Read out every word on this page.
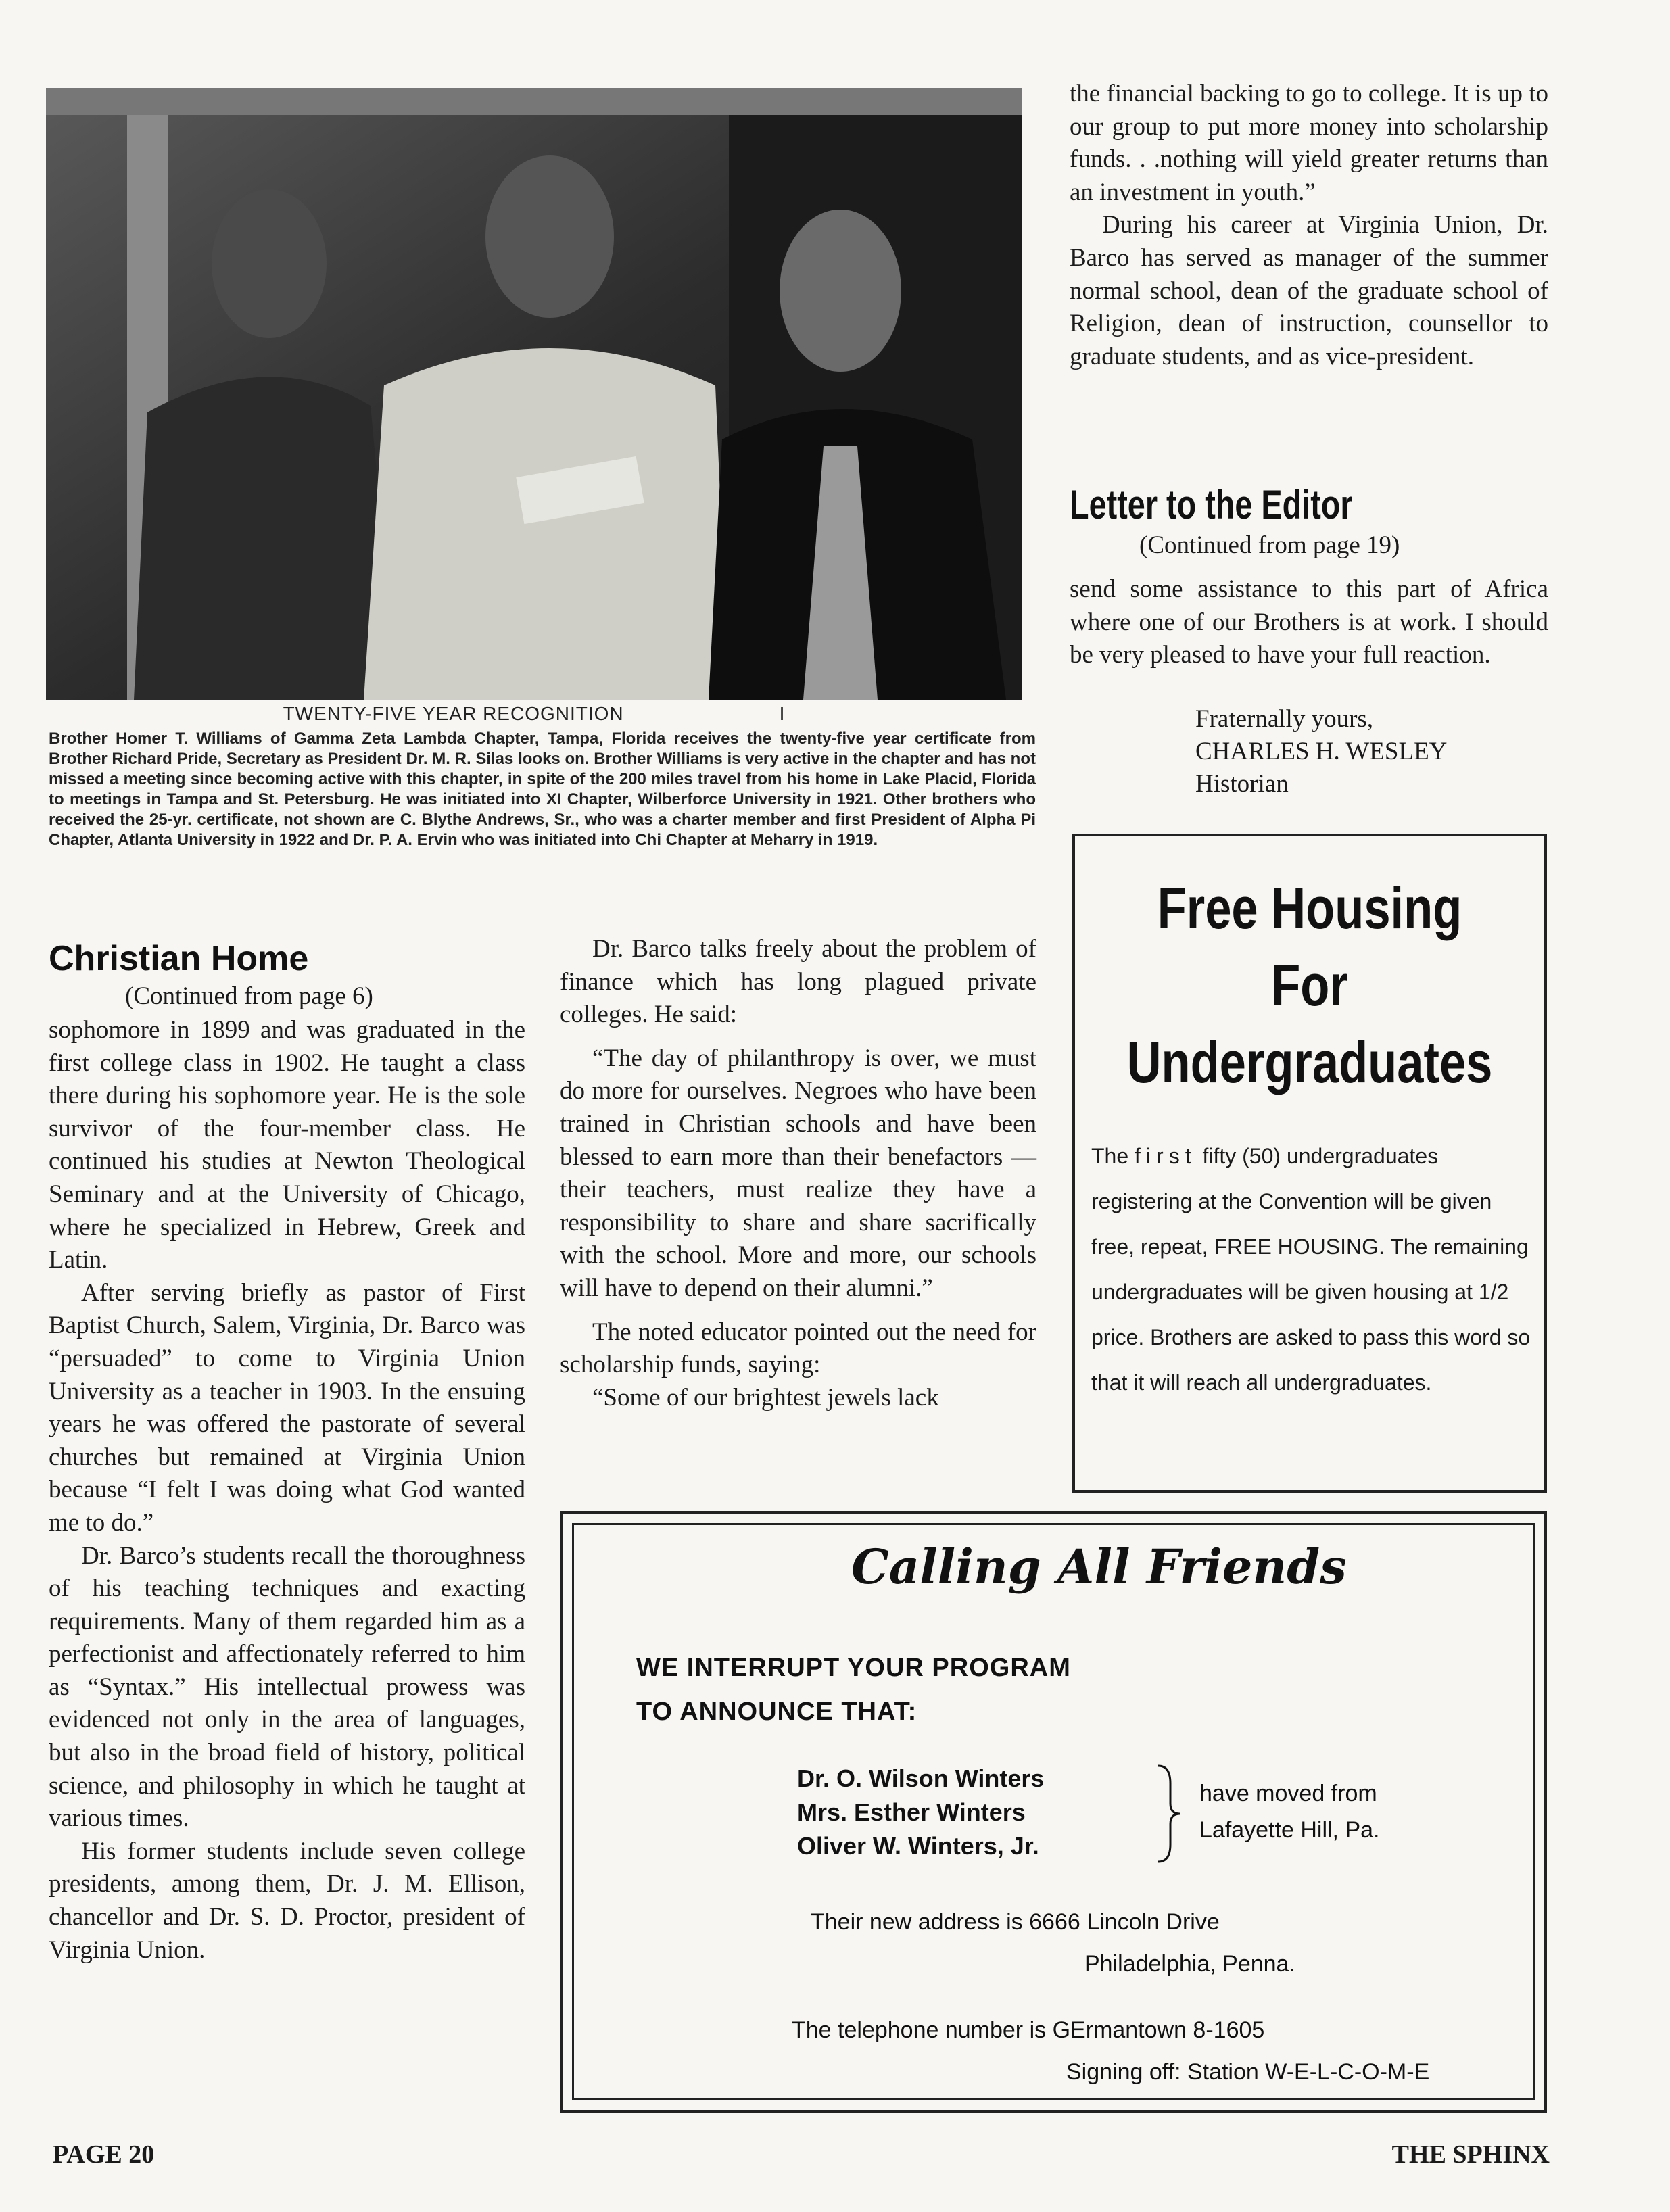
TWENTY-FIVE YEAR RECOGNITION	I
Brother Homer T. Williams of Gamma Zeta Lambda Chapter, Tampa, Florida receives the twenty-five year certificate from Brother Richard Pride, Secretary as President Dr. M. R. Silas looks on. Brother Williams is very active in the chapter and has not missed a meeting since becoming active with this chapter, in spite of the 200 miles travel from his home in Lake Placid, Florida to meetings in Tampa and St. Petersburg. He was initiated into XI Chapter, Wilberforce University in 1921. Other brothers who received the 25-yr. certificate, not shown are C. Blythe Andrews, Sr., who was a charter member and first President of Alpha Pi Chapter, Atlanta University in 1922 and Dr. P. A. Ervin who was initiated into Chi Chapter at Meharry in 1919.
Christian Home
(Continued from page 6)

sophomore in 1899 and was graduated in the first college class in 1902. He taught a class there during his sophomore year. He is the sole survivor of the four-member class. He continued his studies at Newton Theological Seminary and at the University of Chicago, where he specialized in Hebrew, Greek and Latin.

After serving briefly as pastor of First Baptist Church, Salem, Virginia, Dr. Barco was “persuaded” to come to Virginia Union University as a teacher in 1903. In the ensuing years he was offered the pastorate of several churches but remained at Virginia Union because “I felt I was doing what God wanted me to do.”

Dr. Barco’s students recall the thoroughness of his teaching techniques and exacting requirements. Many of them regarded him as a perfectionist and affectionately referred to him as “Syntax.” His intellectual prowess was evidenced not only in the area of languages, but also in the broad field of history, political science, and philosophy in which he taught at various times.

His former students include seven college presidents, among them, Dr. J. M. Ellison, chancellor and Dr. S. D. Proctor, president of Virginia Union.

Dr. Barco talks freely about the problem of finance which has long plagued private colleges. He said:

“The day of philanthropy is over, we must do more for ourselves. Negroes who have been trained in Christian schools and have been blessed to earn more than their benefactors — their teachers, must realize they have a responsibility to share and share sacrifically with the school. More and more, our schools will have to depend on their alumni.”

The noted educator pointed out the need for scholarship funds, saying:

“Some of our brightest jewels lack

the financial backing to go to college. It is up to our group to put more money into scholarship funds. . .nothing will yield greater returns than an investment in youth.”

During his career at Virginia Union, Dr. Barco has served as manager of the summer normal school, dean of the graduate school of Religion, dean of instruction, counsellor to graduate students, and as vice-president.

Letter to the Editor
(Continued from page 19)

send some assistance to this part of Africa where one of our Brothers is at work. I should be very pleased to have your full reaction.

Fraternally yours,
CHARLES H. WESLEY
Historian
Free Housing
For
Undergraduates
The first fifty (50) undergraduates registering at the Convention will be given free, repeat, FREE HOUSING. The remaining undergraduates will be given housing at 1/2 price. Brothers are asked to pass this word so that it will reach all undergraduates.
Calling All Friends
WE INTERRUPT YOUR PROGRAM
TO ANNOUNCE THAT:
Dr. O. Wilson Winters
Mrs. Esther Winters
Oliver W. Winters, Jr.
have moved from
Lafayette Hill, Pa.
Their new address is 6666 Lincoln Drive
Philadelphia, Penna.
The telephone number is GErmantown 8-1605
Signing off: Station W-E-L-C-O-M-E
PAGE 20	THE SPHINX
